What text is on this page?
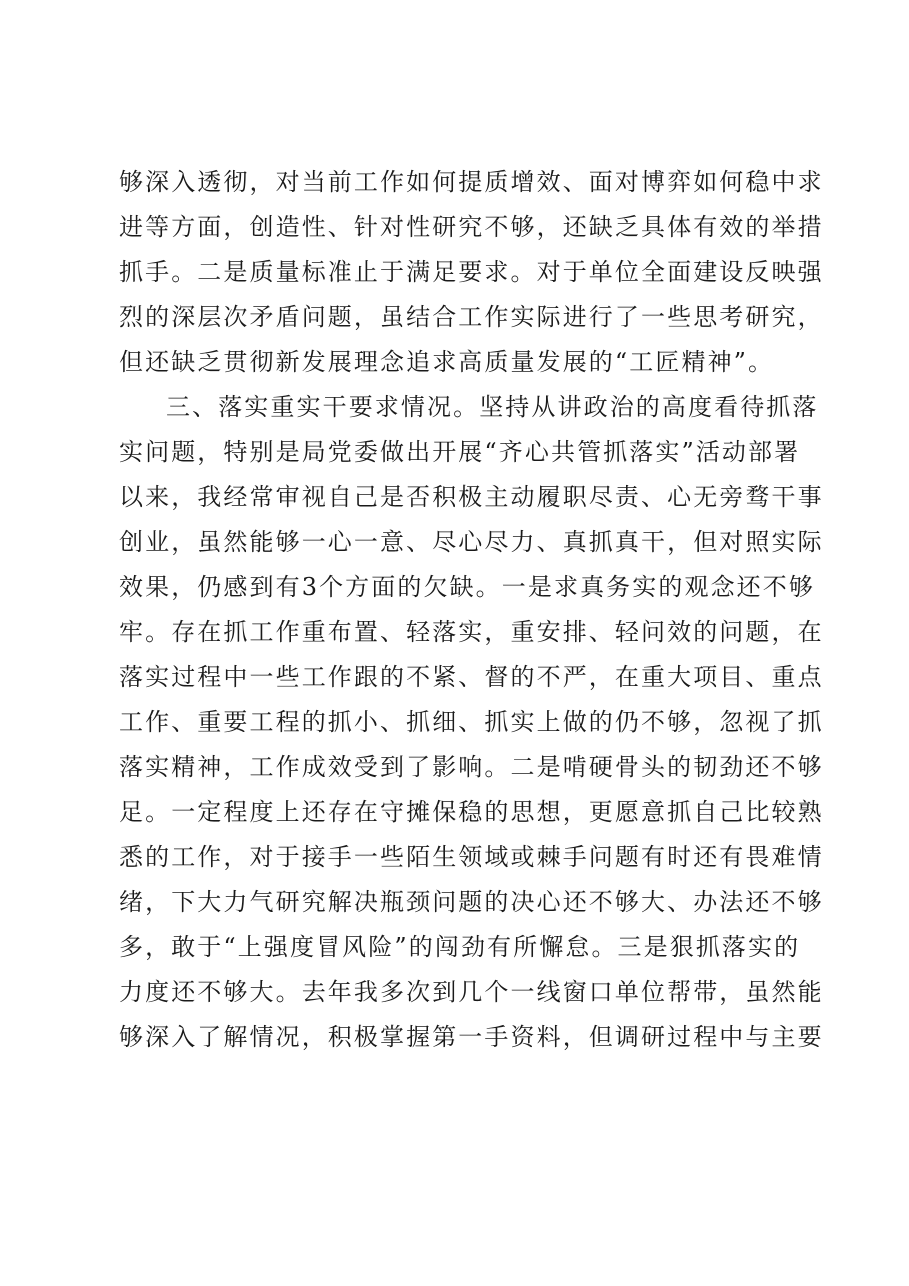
够深入透彻，对当前工作如何提质增效、面对博弈如何稳中求
进等方面，创造性、针对性研究不够，还缺乏具体有效的举措
抓手。二是质量标准止于满足要求。对于单位全面建设反映强
烈的深层次矛盾问题，虽结合工作实际进行了一些思考研究，
但还缺乏贯彻新发展理念追求高质量发展的“工匠精神”。
三、落实重实干要求情况。坚持从讲政治的高度看待抓落
实问题，特别是局党委做出开展“齐心共管抓落实”活动部署
以来，我经常审视自己是否积极主动履职尽责、心无旁骛干事
创业，虽然能够一心一意、尽心尽力、真抓真干，但对照实际
效果，仍感到有3个方面的欠缺。一是求真务实的观念还不够
牢。存在抓工作重布置、轻落实，重安排、轻问效的问题，在
落实过程中一些工作跟的不紧、督的不严，在重大项目、重点
工作、重要工程的抓小、抓细、抓实上做的仍不够，忽视了抓
落实精神，工作成效受到了影响。二是啃硬骨头的韧劲还不够
足。一定程度上还存在守摊保稳的思想，更愿意抓自己比较熟
悉的工作，对于接手一些陌生领域或棘手问题有时还有畏难情
绪，下大力气研究解决瓶颈问题的决心还不够大、办法还不够
多，敢于“上强度冒风险”的闯劲有所懈怠。三是狠抓落实的
力度还不够大。去年我多次到几个一线窗口单位帮带，虽然能
够深入了解情况，积极掌握第一手资料，但调研过程中与主要
